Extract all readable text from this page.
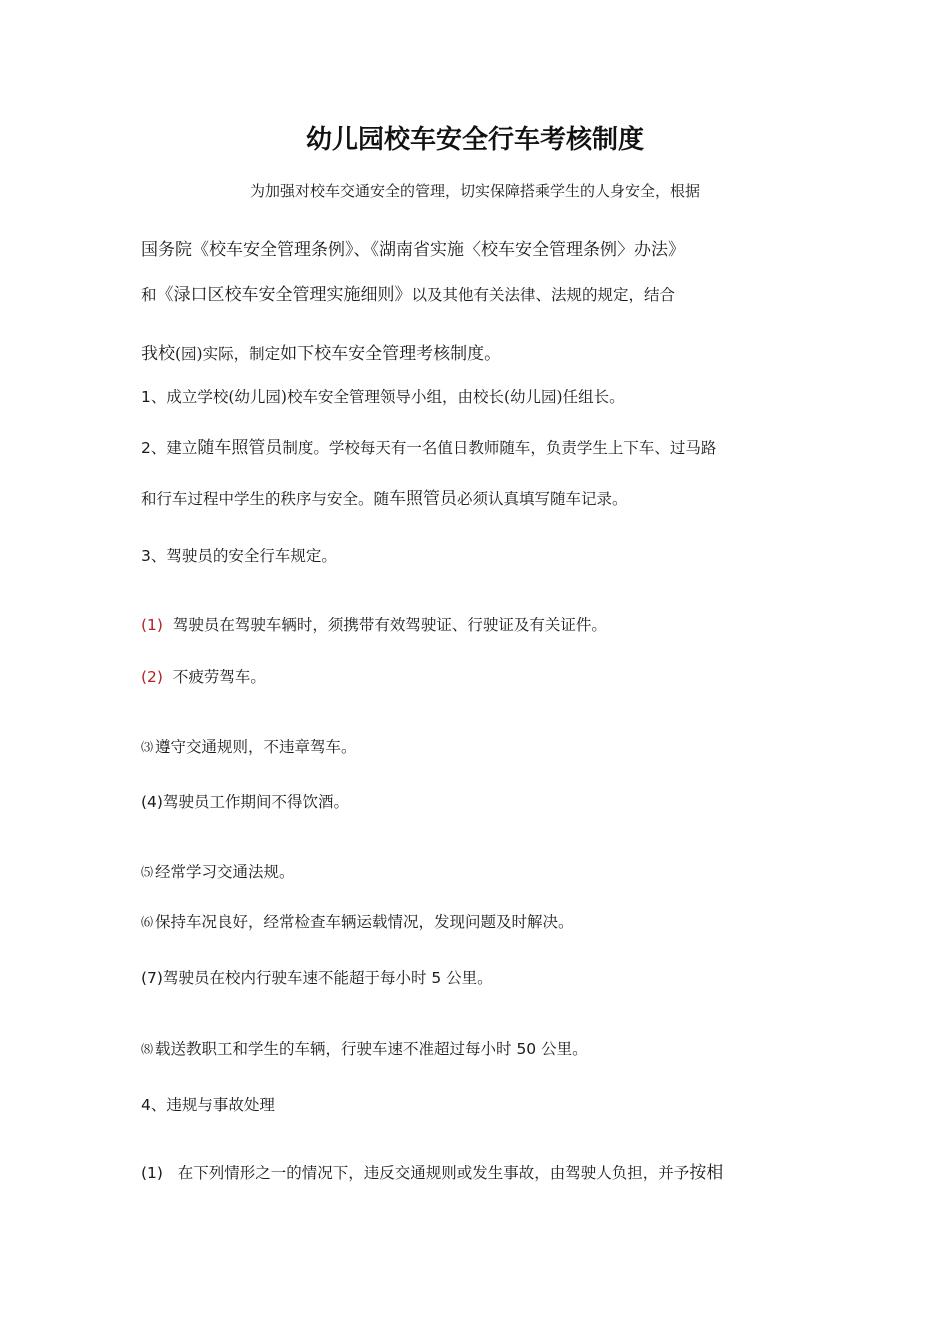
幼儿园校车安全行车考核制度
为加强对校车交通安全的管理，切实保障搭乘学生的人身安全，根据
国务院《校车安全管理条例》、《湖南省实施〈校车安全管理条例〉办法》
和《渌口区校车安全管理实施细则》以及其他有关法律、法规的规定，结合
我校(园)实际，制定如下校车安全管理考核制度。
1、成立学校(幼儿园)校车安全管理领导小组，由校长(幼儿园)任组长。
2、建立随车照管员制度。学校每天有一名值日教师随车，负责学生上下车、过马路
和行车过程中学生的秩序与安全。随车照管员必须认真填写随车记录。
3、驾驶员的安全行车规定。
(1) 驾驶员在驾驶车辆时，须携带有效驾驶证、行驶证及有关证件。
(2) 不疲劳驾车。
⑶ 遵守交通规则，不违章驾车。
(4)驾驶员工作期间不得饮酒。
⑸ 经常学习交通法规。
⑹ 保持车况良好，经常检查车辆运载情况，发现问题及时解决。
(7)驾驶员在校内行驶车速不能超于每小时 5 公里。
⑻ 载送教职工和学生的车辆，行驶车速不准超过每小时 50 公里。
4、违规与事故处理
(1) 在下列情形之一的情况下，违反交通规则或发生事故，由驾驶人负担，并予按相
